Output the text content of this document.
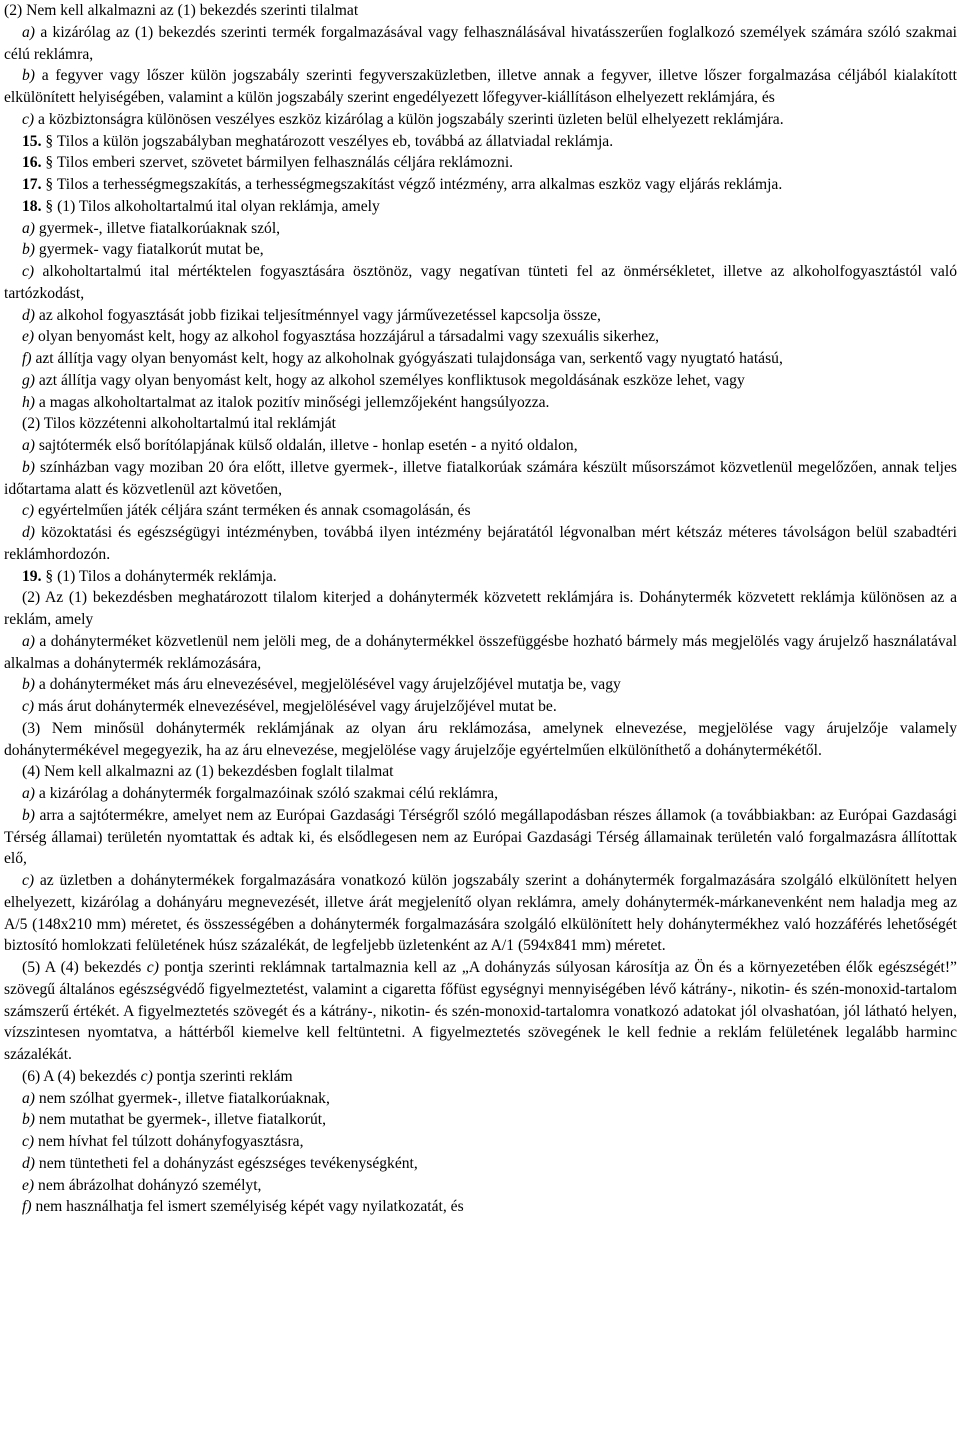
(2) Nem kell alkalmazni az (1) bekezdés szerinti tilalmat

a) a kizárólag az (1) bekezdés szerinti termék forgalmazásával vagy felhasználásával hivatásszerűen foglalkozó személyek számára szóló szakmai célú reklámra,

b) a fegyver vagy lőszer külön jogszabály szerinti fegyverszaküzletben, illetve annak a fegyver, illetve lőszer forgalmazása céljából kialakított elkülönített helyiségében, valamint a külön jogszabály szerint engedélyezett lőfegyver-kiállításon elhelyezett reklámjára, és

c) a közbiztonságra különösen veszélyes eszköz kizárólag a külön jogszabály szerinti üzleten belül elhelyezett reklámjára.

15. § Tilos a külön jogszabályban meghatározott veszélyes eb, továbbá az állatviadal reklámja.

16. § Tilos emberi szervet, szövetet bármilyen felhasználás céljára reklámozni.

17. § Tilos a terhességmegszakítás, a terhességmegszakítást végző intézmény, arra alkalmas eszköz vagy eljárás reklámja.

18. § (1) Tilos alkoholtartalmú ital olyan reklámja, amely

a) gyermek-, illetve fiatalkorúaknak szól,

b) gyermek- vagy fiatalkorút mutat be,

c) alkoholtartalmú ital mértéktelen fogyasztására ösztönöz, vagy negatívan tünteti fel az önmérsékletet, illetve az alkoholfogyasztástól való tartózkodást,

d) az alkohol fogyasztását jobb fizikai teljesítménnyel vagy járművezetéssel kapcsolja össze,

e) olyan benyomást kelt, hogy az alkohol fogyasztása hozzájárul a társadalmi vagy szexuális sikerhez,

f) azt állítja vagy olyan benyomást kelt, hogy az alkoholnak gyógyászati tulajdonsága van, serkentő vagy nyugtató hatású,

g) azt állítja vagy olyan benyomást kelt, hogy az alkohol személyes konfliktusok megoldásának eszköze lehet, vagy

h) a magas alkoholtartalmat az italok pozitív minőségi jellemzőjeként hangsúlyozza.

(2) Tilos közzétenni alkoholtartalmú ital reklámját

a) sajtótermék első borítólapjának külső oldalán, illetve - honlap esetén - a nyitó oldalon,

b) színházban vagy moziban 20 óra előtt, illetve gyermek-, illetve fiatalkorúak számára készült műsorszámot közvetlenül megelőzően, annak teljes időtartama alatt és közvetlenül azt követően,

c) egyértelműen játék céljára szánt terméken és annak csomagolásán, és

d) közoktatási és egészségügyi intézményben, továbbá ilyen intézmény bejáratától légvonalban mért kétszáz méteres távolságon belül szabadtéri reklámhordozón.

19. § (1) Tilos a dohánytermék reklámja.

(2) Az (1) bekezdésben meghatározott tilalom kiterjed a dohánytermék közvetett reklámjára is. Dohánytermék közvetett reklámja különösen az a reklám, amely

a) a dohányterméket közvetlenül nem jelöli meg, de a dohánytermékkel összefüggésbe hozható bármely más megjelölés vagy árujelző használatával alkalmas a dohánytermék reklámozására,

b) a dohányterméket más áru elnevezésével, megjelölésével vagy árujelzőjével mutatja be, vagy

c) más árut dohánytermék elnevezésével, megjelölésével vagy árujelzőjével mutat be.

(3) Nem minősül dohánytermék reklámjának az olyan áru reklámozása, amelynek elnevezése, megjelölése vagy árujelzője valamely dohánytermékével megegyezik, ha az áru elnevezése, megjelölése vagy árujelzője egyértelműen elkülöníthető a dohánytermékétől.

(4) Nem kell alkalmazni az (1) bekezdésben foglalt tilalmat

a) a kizárólag a dohánytermék forgalmazóinak szóló szakmai célú reklámra,

b) arra a sajtótermékre, amelyet nem az Európai Gazdasági Térségről szóló megállapodásban részes államok (a továbbiakban: az Európai Gazdasági Térség államai) területén nyomtattak és adtak ki, és elsődlegesen nem az Európai Gazdasági Térség államainak területén való forgalmazásra állítottak elő,

c) az üzletben a dohánytermékek forgalmazására vonatkozó külön jogszabály szerint a dohánytermék forgalmazására szolgáló elkülönített helyen elhelyezett, kizárólag a dohányáru megnevezését, illetve árát megjelenítő olyan reklámra, amely dohánytermék-márkanevenként nem haladja meg az A/5 (148x210 mm) méretet, és összességében a dohánytermék forgalmazására szolgáló elkülönített hely dohánytermékhez való hozzáférés lehetőségét biztosító homlokzati felületének húsz százalékát, de legfeljebb üzletenként az A/1 (594x841 mm) méretet.

(5) A (4) bekezdés c) pontja szerinti reklámnak tartalmaznia kell az „A dohányzás súlyosan károsítja az Ön és a környezetében élők egészségét!” szövegű általános egészségvédő figyelmeztetést, valamint a cigaretta főfüst egységnyi mennyiségében lévő kátrány-, nikotin- és szén-monoxid-tartalom számszerű értékét. A figyelmeztetés szövegét és a kátrány-, nikotin- és szén-monoxid-tartalomra vonatkozó adatokat jól olvashatóan, jól látható helyen, vízszintesen nyomtatva, a háttérből kiemelve kell feltüntetni. A figyelmeztetés szövegének le kell fednie a reklám felületének legalább harminc százalékát.

(6) A (4) bekezdés c) pontja szerinti reklám

a) nem szólhat gyermek-, illetve fiatalkorúaknak,

b) nem mutathat be gyermek-, illetve fiatalkorút,

c) nem hívhat fel túlzott dohányfogyasztásra,

d) nem tüntetheti fel a dohányzást egészséges tevékenységként,

e) nem ábrázolhat dohányzó személyt,

f) nem használhatja fel ismert személyiség képét vagy nyilatkozatát, és
